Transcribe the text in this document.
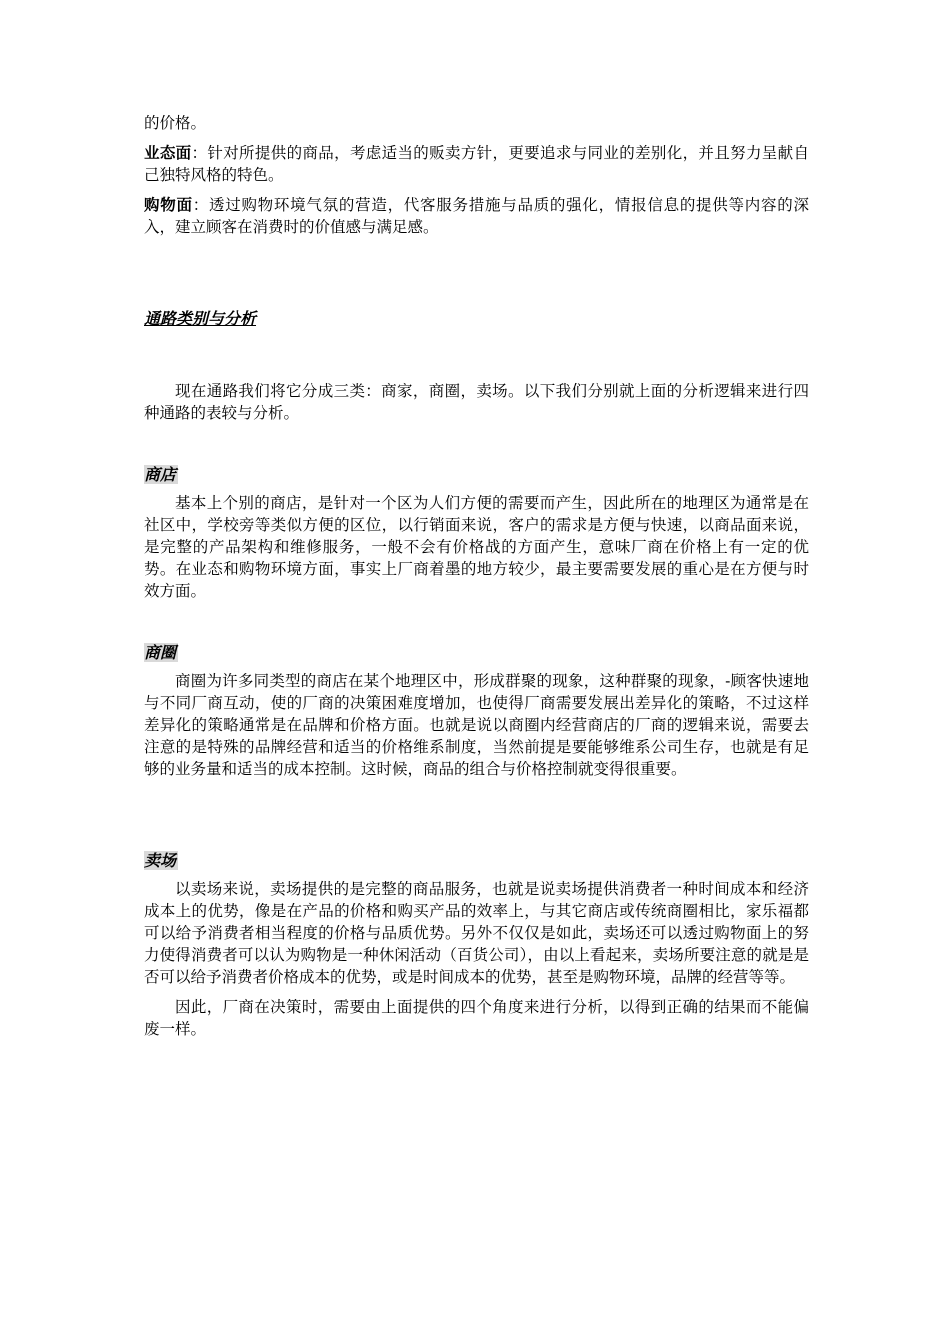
的价格。

业态面：针对所提供的商品，考虑适当的贩卖方针，更要追求与同业的差别化，并且努力呈献自己独特风格的特色。

购物面：透过购物环境气氛的营造，代客服务措施与品质的强化，情报信息的提供等内容的深入，建立顾客在消费时的价值感与满足感。

通路类别与分析

现在通路我们将它分成三类：商家，商圈，卖场。以下我们分别就上面的分析逻辑来进行四种通路的表较与分析。

商店

基本上个别的商店，是针对一个区为人们方便的需要而产生，因此所在的地理区为通常是在社区中，学校旁等类似方便的区位，以行销面来说，客户的需求是方便与快速，以商品面来说，是完整的产品架构和维修服务，一般不会有价格战的方面产生，意味厂商在价格上有一定的优势。在业态和购物环境方面，事实上厂商着墨的地方较少，最主要需要发展的重心是在方便与时效方面。

商圈

商圈为许多同类型的商店在某个地理区中，形成群聚的现象，这种群聚的现象，-顾客快速地与不同厂商互动，使的厂商的决策困难度增加，也使得厂商需要发展出差异化的策略，不过这样差异化的策略通常是在品牌和价格方面。也就是说以商圈内经营商店的厂商的逻辑来说，需要去注意的是特殊的品牌经营和适当的价格维系制度，当然前提是要能够维系公司生存，也就是有足够的业务量和适当的成本控制。这时候，商品的组合与价格控制就变得很重要。

卖场

以卖场来说，卖场提供的是完整的商品服务，也就是说卖场提供消费者一种时间成本和经济成本上的优势，像是在产品的价格和购买产品的效率上，与其它商店或传统商圈相比，家乐福都可以给予消费者相当程度的价格与品质优势。另外不仅仅是如此，卖场还可以透过购物面上的努力使得消费者可以认为购物是一种休闲活动（百货公司），由以上看起来，卖场所要注意的就是是否可以给予消费者价格成本的优势，或是时间成本的优势，甚至是购物环境，品牌的经营等等。

因此，厂商在决策时，需要由上面提供的四个角度来进行分析，以得到正确的结果而不能偏废一样。
